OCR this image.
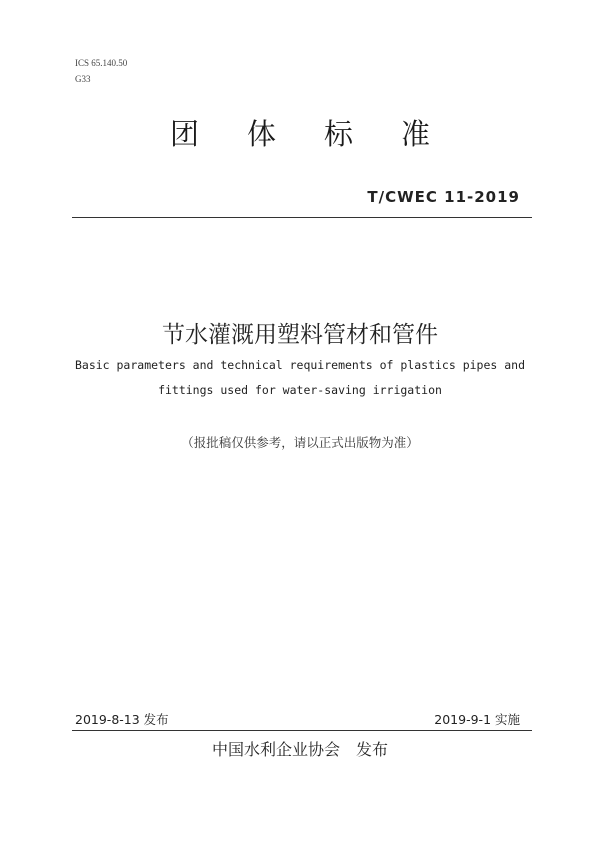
ICS 65.140.50
G33
团体标准
T/CWEC 11-2019
节水灌溉用塑料管材和管件
Basic parameters and technical requirements of plastics pipes and
fittings used for water-saving irrigation
（报批稿仅供参考，请以正式出版物为准）
2019-8-13 发布	2019-9-1 实施
中国水利企业协会　发布
